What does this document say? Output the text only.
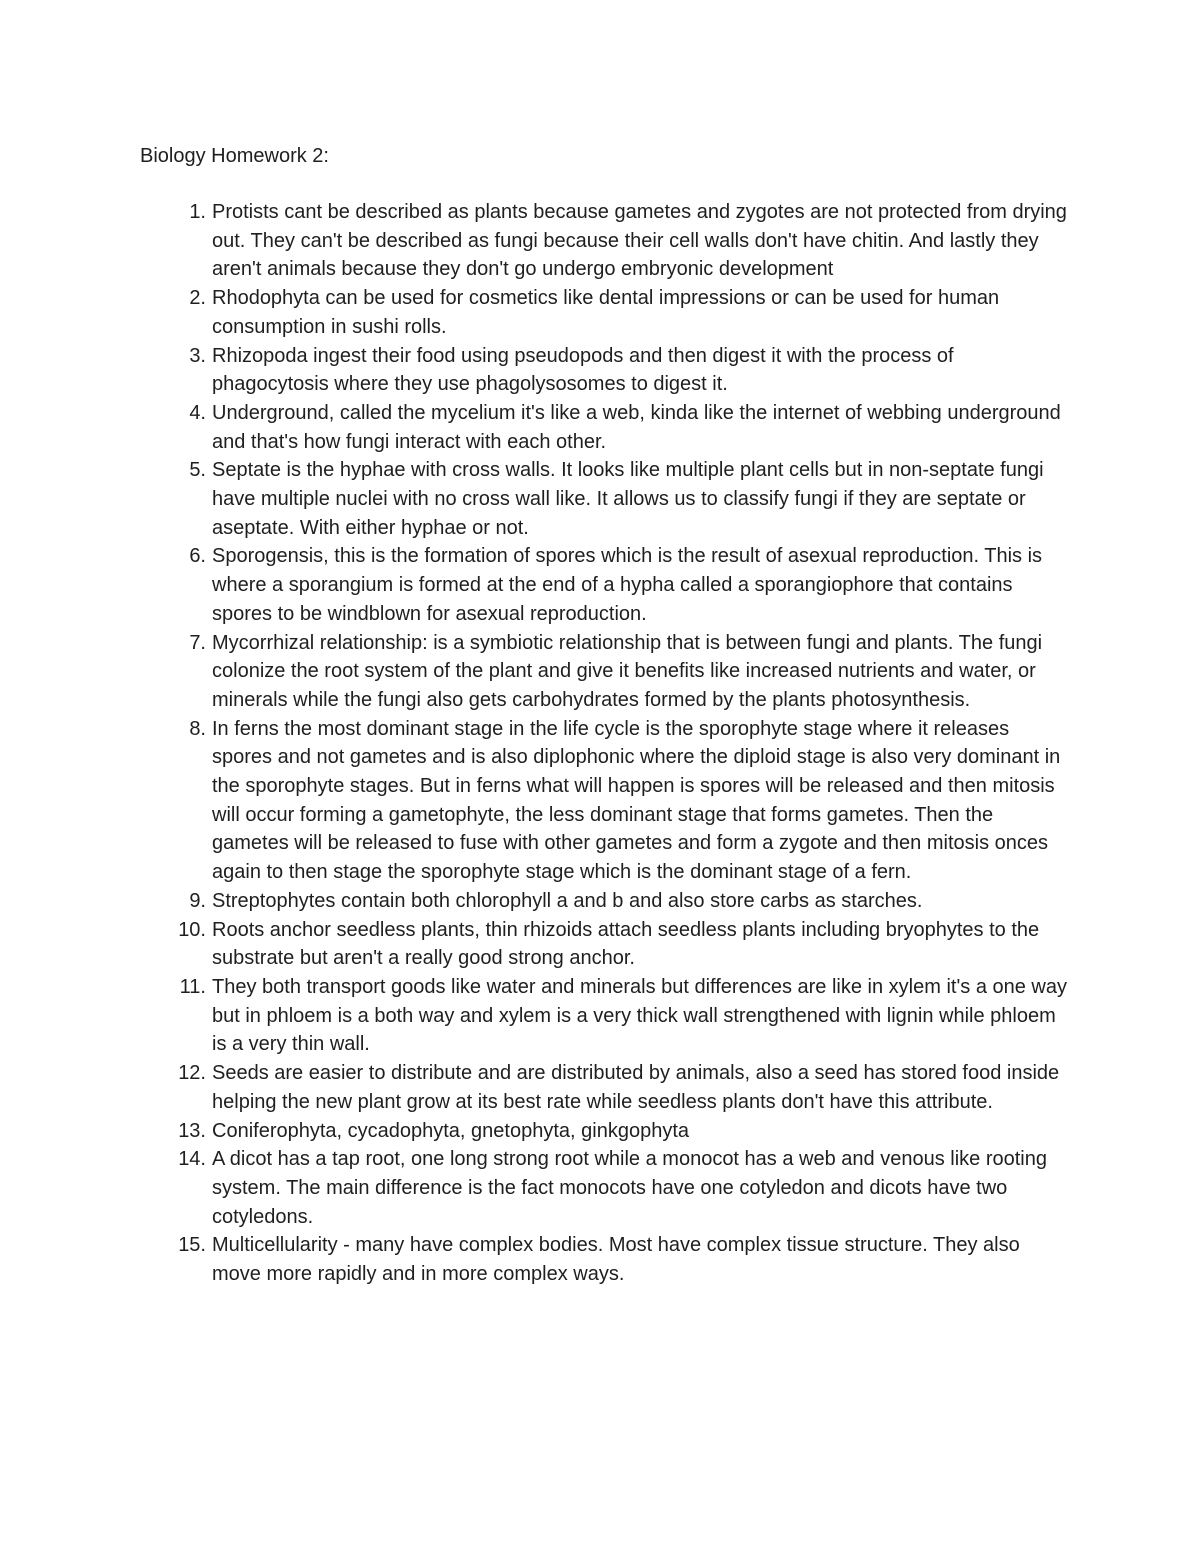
Biology Homework 2:
1. Protists cant be described as plants because gametes and zygotes are not protected from drying out. They can't be described as fungi because their cell walls don't have chitin. And lastly they aren't animals because they don't go undergo embryonic development
2. Rhodophyta can be used for cosmetics like dental impressions or can be used for human consumption in sushi rolls.
3. Rhizopoda ingest their food using pseudopods and then digest it with the process of phagocytosis where they use phagolysosomes to digest it.
4. Underground, called the mycelium it's like a web, kinda like the internet of webbing underground and that's how fungi interact with each other.
5. Septate is the hyphae with cross walls. It looks like multiple plant cells but in non-septate fungi have multiple nuclei with no cross wall like. It allows us to classify fungi if they are septate or aseptate. With either hyphae or not.
6. Sporogensis, this is the formation of spores which is the result of asexual reproduction. This is where a sporangium is formed at the end of a hypha called a sporangiophore that contains spores to be windblown for asexual reproduction.
7. Mycorrhizal relationship: is a symbiotic relationship that is between fungi and plants. The fungi colonize the root system of the plant and give it benefits like increased nutrients and water, or minerals while the fungi also gets carbohydrates formed by the plants photosynthesis.
8. In ferns the most dominant stage in the life cycle is the sporophyte stage where it releases spores and not gametes and is also diplophonic where the diploid stage is also very dominant in the sporophyte stages. But in ferns what will happen is spores will be released and then mitosis will occur forming a gametophyte, the less dominant stage that forms gametes. Then the gametes will be released to fuse with other gametes and form a zygote and then mitosis onces again to then stage the sporophyte stage which is the dominant stage of a fern.
9. Streptophytes contain both chlorophyll a and b and also store carbs as starches.
10. Roots anchor seedless plants, thin rhizoids attach seedless plants including bryophytes to the substrate but aren't a really good strong anchor.
11. They both transport goods like water and minerals but differences are like in xylem it's a one way but in phloem is a both way and xylem is a very thick wall strengthened with lignin while phloem is a very thin wall.
12. Seeds are easier to distribute and are distributed by animals, also a seed has stored food inside helping the new plant grow at its best rate while seedless plants don't have this attribute.
13. Coniferophyta, cycadophyta, gnetophyta, ginkgophyta
14. A dicot has a tap root, one long strong root while a monocot has a web and venous like rooting system. The main difference is the fact monocots have one cotyledon and dicots have two cotyledons.
15. Multicellularity - many have complex bodies. Most have complex tissue structure. They also move more rapidly and in more complex ways.
